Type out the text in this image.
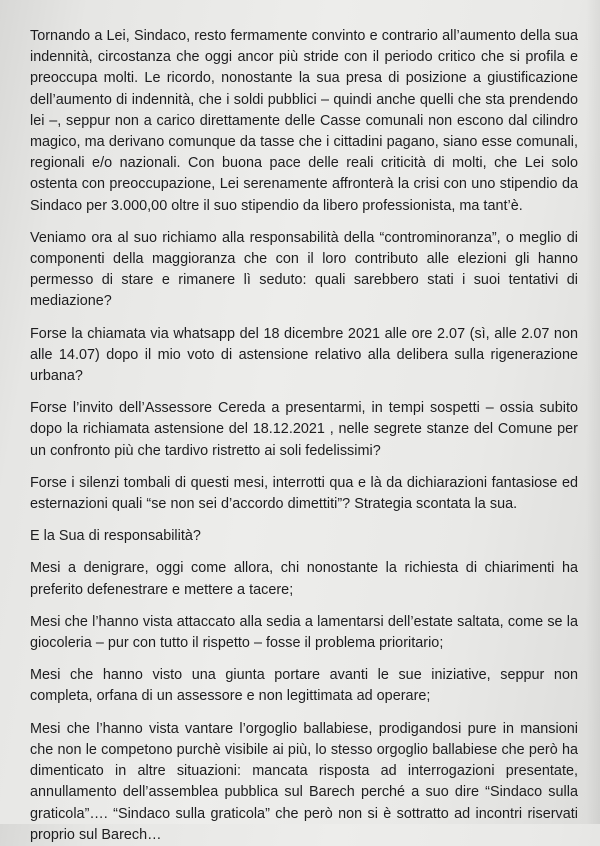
Tornando a Lei, Sindaco, resto fermamente convinto e contrario all’aumento della sua indennità, circostanza che oggi ancor più stride con il periodo critico che si profila e preoccupa molti. Le ricordo, nonostante la sua presa di posizione a giustificazione dell’aumento di indennità, che i soldi pubblici – quindi anche quelli che sta prendendo lei –, seppur non a carico direttamente delle Casse comunali non escono dal cilindro magico, ma derivano comunque da tasse che i cittadini pagano, siano esse comunali, regionali e/o nazionali. Con buona pace delle reali criticità di molti, che Lei solo ostenta con preoccupazione, Lei serenamente affronterà la crisi con uno stipendio da Sindaco per 3.000,00 oltre il suo stipendio da libero professionista, ma tant’è.

Veniamo ora al suo richiamo alla responsabilità della “controminoranza”, o meglio di componenti della maggioranza che con il loro contributo alle elezioni gli hanno permesso di stare e rimanere lì seduto: quali sarebbero stati i suoi tentativi di mediazione?

Forse la chiamata via whatsapp del 18 dicembre 2021 alle ore 2.07 (sì, alle 2.07 non alle 14.07) dopo il mio voto di astensione relativo alla delibera sulla rigenerazione urbana?

Forse l’invito dell’Assessore Cereda a presentarmi, in tempi sospetti – ossia subito dopo la richiamata astensione del 18.12.2021 , nelle segrete stanze del Comune per un confronto più che tardivo ristretto ai soli fedelissimi?

Forse i silenzi tombali di questi mesi, interrotti qua e là da dichiarazioni fantasiose ed esternazioni quali “se non sei d’accordo dimettiti”? Strategia scontata la sua.

E la Sua di responsabilità?

Mesi a denigrare, oggi come allora, chi nonostante la richiesta di chiarimenti ha preferito defenestrare e mettere a tacere;

Mesi che l’hanno vista attaccato alla sedia a lamentarsi dell’estate saltata, come se la giocoleria – pur con tutto il rispetto – fosse il problema prioritario;

Mesi che hanno visto una giunta portare avanti le sue iniziative, seppur non completa, orfana di un assessore e non legittimata ad operare;

Mesi che l’hanno vista vantare l’orgoglio ballabiese, prodigandosi pure in mansioni che non le competono purchè visibile ai più, lo stesso orgoglio ballabiese che però ha dimenticato in altre situazioni: mancata risposta ad interrogazioni presentate, annullamento dell’assemblea pubblica sul Barech perché a suo dire “Sindaco sulla graticola”…. “Sindaco sulla graticola” che però non si è sottratto ad incontri riservati proprio sul Barech…
